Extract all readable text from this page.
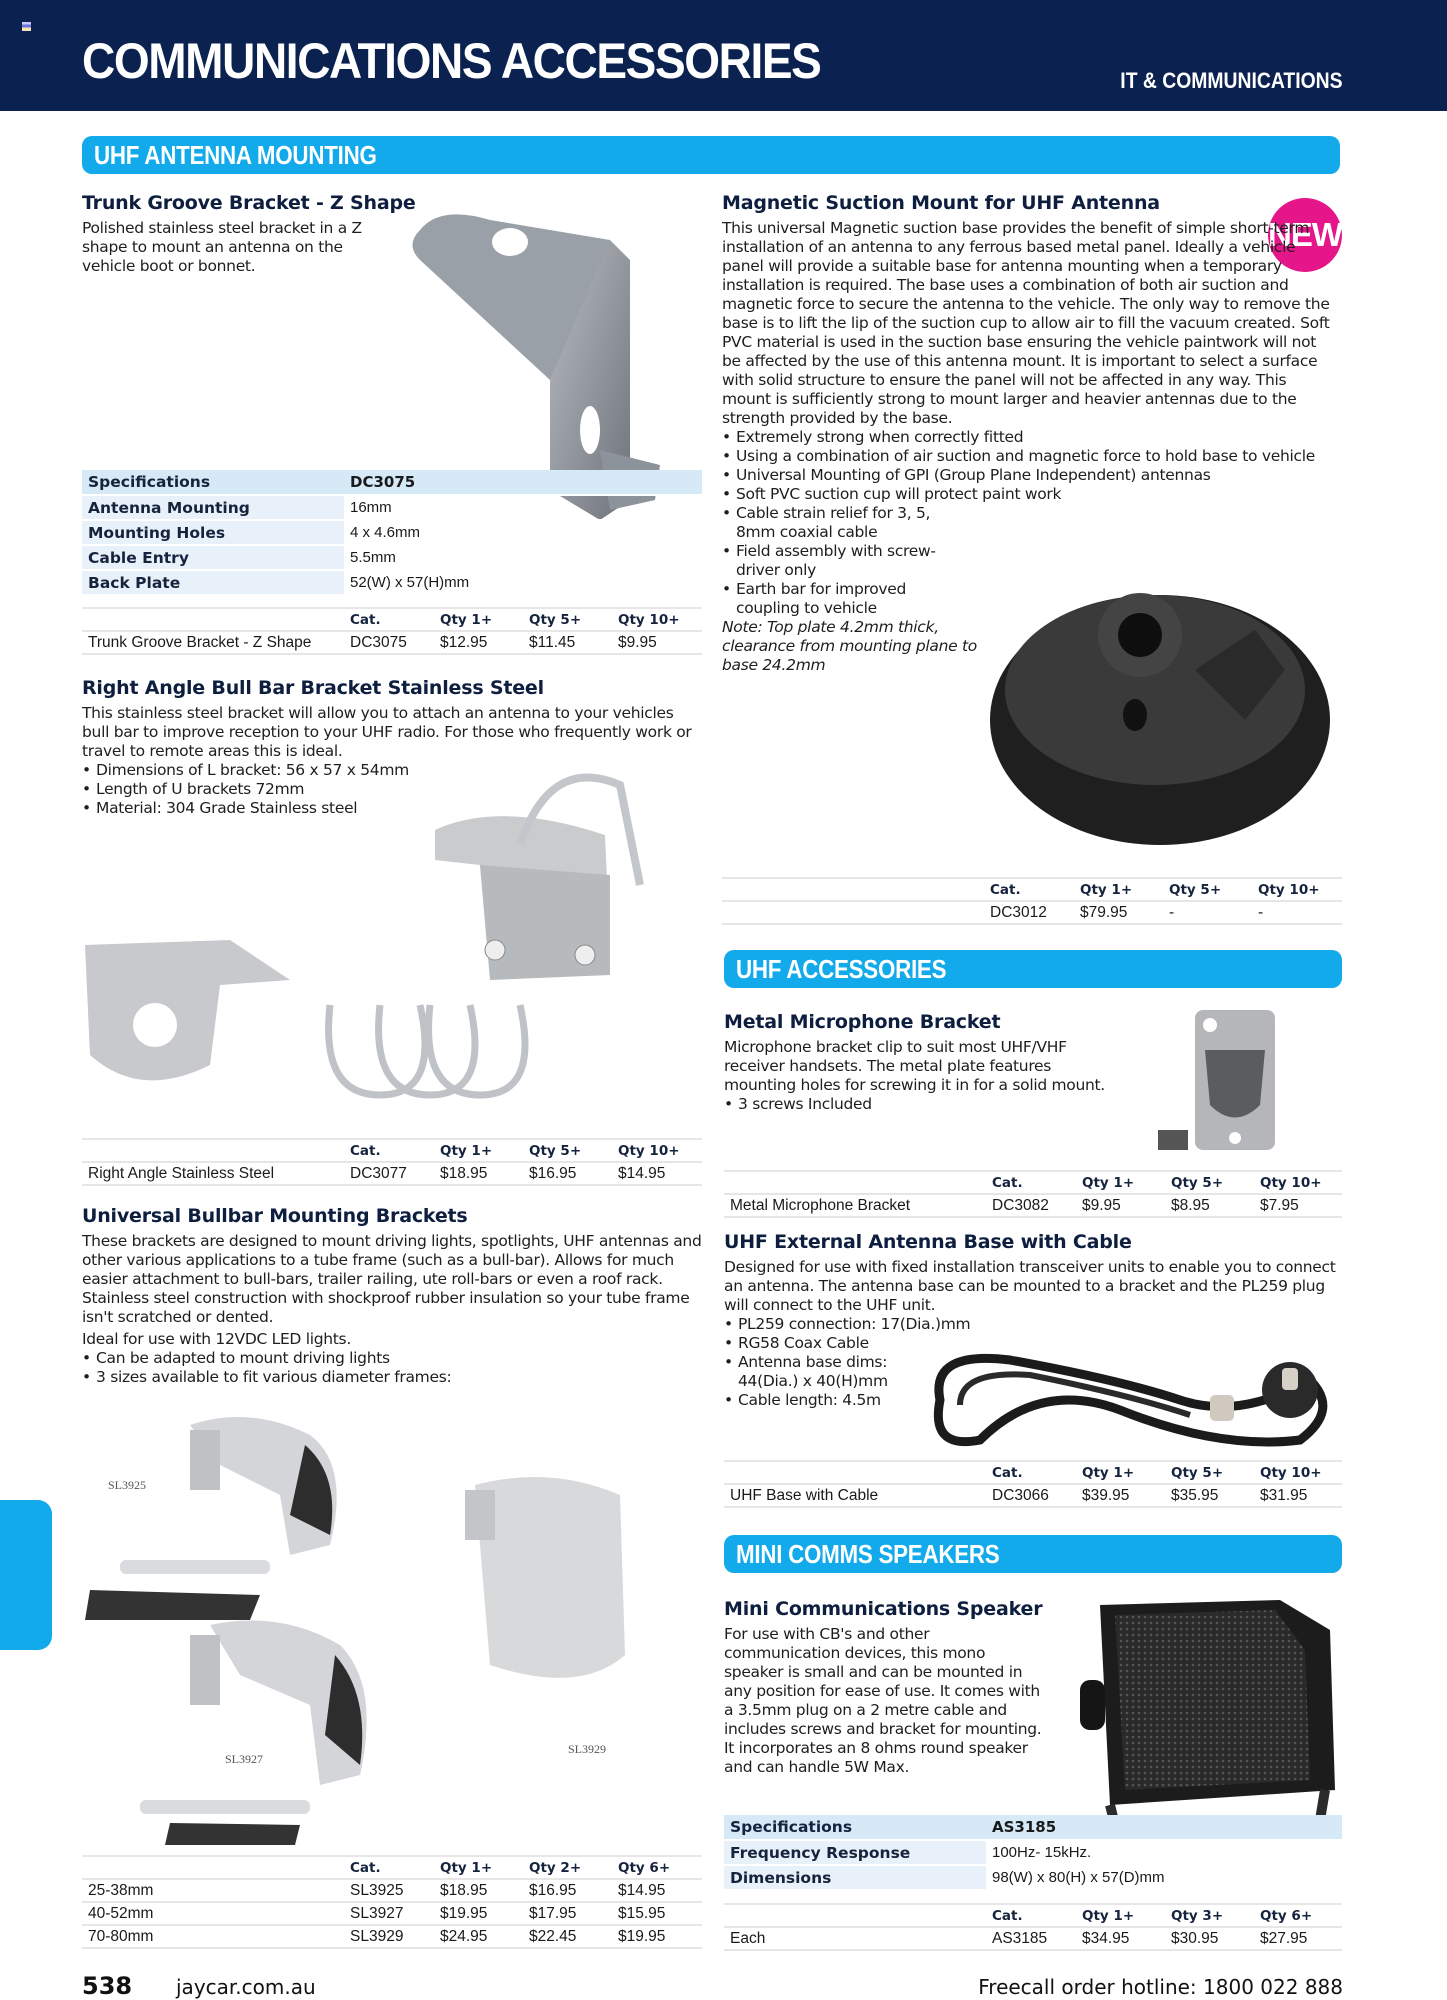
COMMUNICATIONS ACCESSORIES	IT & COMMUNICATIONS
UHF ANTENNA MOUNTING
Trunk Groove Bracket - Z Shape

Polished stainless steel bracket in a Z shape to mount an antenna on the vehicle boot or bonnet.

Specifications	DC3075
Antenna Mounting	16mm
Mounting Holes	4 x 4.6mm
Cable Entry	5.5mm
Back Plate	52(W) x 57(H)mm
	Cat.	Qty 1+	Qty 5+	Qty 10+
Trunk Groove Bracket - Z Shape	DC3075	$12.95	$11.45	$9.95
Right Angle Bull Bar Bracket Stainless Steel

This stainless steel bracket will allow you to attach an antenna to your vehicles bull bar to improve reception to your UHF radio. For those who frequently work or travel to remote areas this is ideal.

• Dimensions of L bracket: 56 x 57 x 54mm
• Length of U brackets 72mm
• Material: 304 Grade Stainless steel
	Cat.	Qty 1+	Qty 5+	Qty 10+
Right Angle Stainless Steel	DC3077	$18.95	$16.95	$14.95
Universal Bullbar Mounting Brackets

These brackets are designed to mount driving lights, spotlights, UHF antennas and other various applications to a tube frame (such as a bull-bar). Allows for much easier attachment to bull-bars, trailer railing, ute roll-bars or even a roof rack. Stainless steel construction with shockproof rubber insulation so your tube frame isn't scratched or dented.

Ideal for use with 12VDC LED lights.

• Can be adapted to mount driving lights
• 3 sizes available to fit various diameter frames:
SL3925
SL3927
SL3929
	Cat.	Qty 1+	Qty 2+	Qty 6+
25-38mm	SL3925	$18.95	$16.95	$14.95
40-52mm	SL3927	$19.95	$17.95	$15.95
70-80mm	SL3929	$24.95	$22.45	$19.95
Magnetic Suction Mount for UHF Antenna
NEW

This universal Magnetic suction base provides the benefit of simple short-term installation of an antenna to any ferrous based metal panel. Ideally a vehicle panel will provide a suitable base for antenna mounting when a temporary installation is required. The base uses a combination of both air suction and magnetic force to secure the antenna to the vehicle. The only way to remove the base is to lift the lip of the suction cup to allow air to fill the vacuum created. Soft PVC material is used in the suction base ensuring the vehicle paintwork will not be affected by the use of this antenna mount. It is important to select a surface with solid structure to ensure the panel will not be affected in any way. This mount is sufficiently strong to mount larger and heavier antennas due to the strength provided by the base.

• Extremely strong when correctly fitted
• Using a combination of air suction and magnetic force to hold base to vehicle
• Universal Mounting of GPI (Group Plane Independent) antennas
• Soft PVC suction cup will protect paint work
• Cable strain relief for 3, 5, 8mm coaxial cable
• Field assembly with screw-driver only
• Earth bar for improved coupling to vehicle

Note: Top plate 4.2mm thick, clearance from mounting plane to base 24.2mm

	Cat.	Qty 1+	Qty 5+	Qty 10+
	DC3012	$79.95	-	-
UHF ACCESSORIES
Metal Microphone Bracket

Microphone bracket clip to suit most UHF/VHF receiver handsets. The metal plate features mounting holes for screwing it in for a solid mount.

• 3 screws Included
	Cat.	Qty 1+	Qty 5+	Qty 10+
Metal Microphone Bracket	DC3082	$9.95	$8.95	$7.95
UHF External Antenna Base with Cable

Designed for use with fixed installation transceiver units to enable you to connect an antenna. The antenna base can be mounted to a bracket and the PL259 plug will connect to the UHF unit.

• PL259 connection: 17(Dia.)mm
• RG58 Coax Cable
• Antenna base dims: 44(Dia.) x 40(H)mm
• Cable length: 4.5m
	Cat.	Qty 1+	Qty 5+	Qty 10+
UHF Base with Cable	DC3066	$39.95	$35.95	$31.95
MINI COMMS SPEAKERS
Mini Communications Speaker

For use with CB's and other communication devices, this mono speaker is small and can be mounted in any position for ease of use. It comes with a 3.5mm plug on a 2 metre cable and includes screws and bracket for mounting. It incorporates an 8 ohms round speaker and can handle 5W Max.

Specifications	AS3185
Frequency Response	100Hz- 15kHz.
Dimensions	98(W) x 80(H) x 57(D)mm
	Cat.	Qty 1+	Qty 3+	Qty 6+
Each	AS3185	$34.95	$30.95	$27.95
538 jaycar.com.au	Freecall order hotline: 1800 022 888
